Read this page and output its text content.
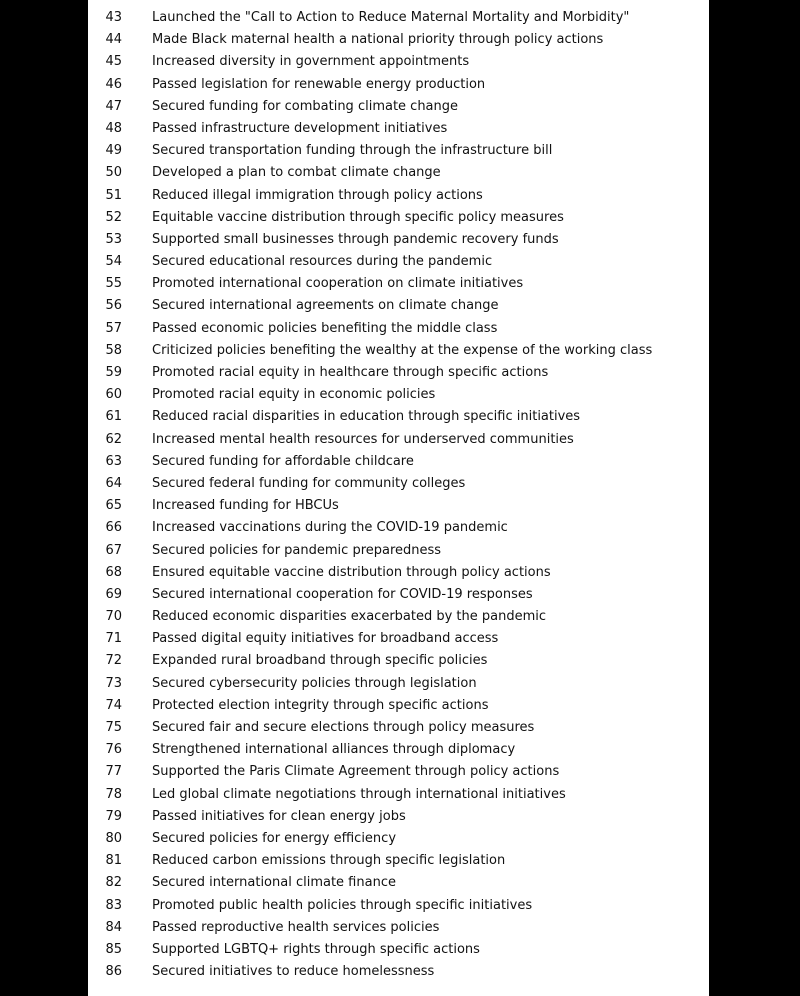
43	Launched the "Call to Action to Reduce Maternal Mortality and Morbidity"
44	Made Black maternal health a national priority through policy actions
45	Increased diversity in government appointments
46	Passed legislation for renewable energy production
47	Secured funding for combating climate change
48	Passed infrastructure development initiatives
49	Secured transportation funding through the infrastructure bill
50	Developed a plan to combat climate change
51	Reduced illegal immigration through policy actions
52	Equitable vaccine distribution through specific policy measures
53	Supported small businesses through pandemic recovery funds
54	Secured educational resources during the pandemic
55	Promoted international cooperation on climate initiatives
56	Secured international agreements on climate change
57	Passed economic policies benefiting the middle class
58	Criticized policies benefiting the wealthy at the expense of the working class
59	Promoted racial equity in healthcare through specific actions
60	Promoted racial equity in economic policies
61	Reduced racial disparities in education through specific initiatives
62	Increased mental health resources for underserved communities
63	Secured funding for affordable childcare
64	Secured federal funding for community colleges
65	Increased funding for HBCUs
66	Increased vaccinations during the COVID-19 pandemic
67	Secured policies for pandemic preparedness
68	Ensured equitable vaccine distribution through policy actions
69	Secured international cooperation for COVID-19 responses
70	Reduced economic disparities exacerbated by the pandemic
71	Passed digital equity initiatives for broadband access
72	Expanded rural broadband through specific policies
73	Secured cybersecurity policies through legislation
74	Protected election integrity through specific actions
75	Secured fair and secure elections through policy measures
76	Strengthened international alliances through diplomacy
77	Supported the Paris Climate Agreement through policy actions
78	Led global climate negotiations through international initiatives
79	Passed initiatives for clean energy jobs
80	Secured policies for energy efficiency
81	Reduced carbon emissions through specific legislation
82	Secured international climate finance
83	Promoted public health policies through specific initiatives
84	Passed reproductive health services policies
85	Supported LGBTQ+ rights through specific actions
86	Secured initiatives to reduce homelessness
